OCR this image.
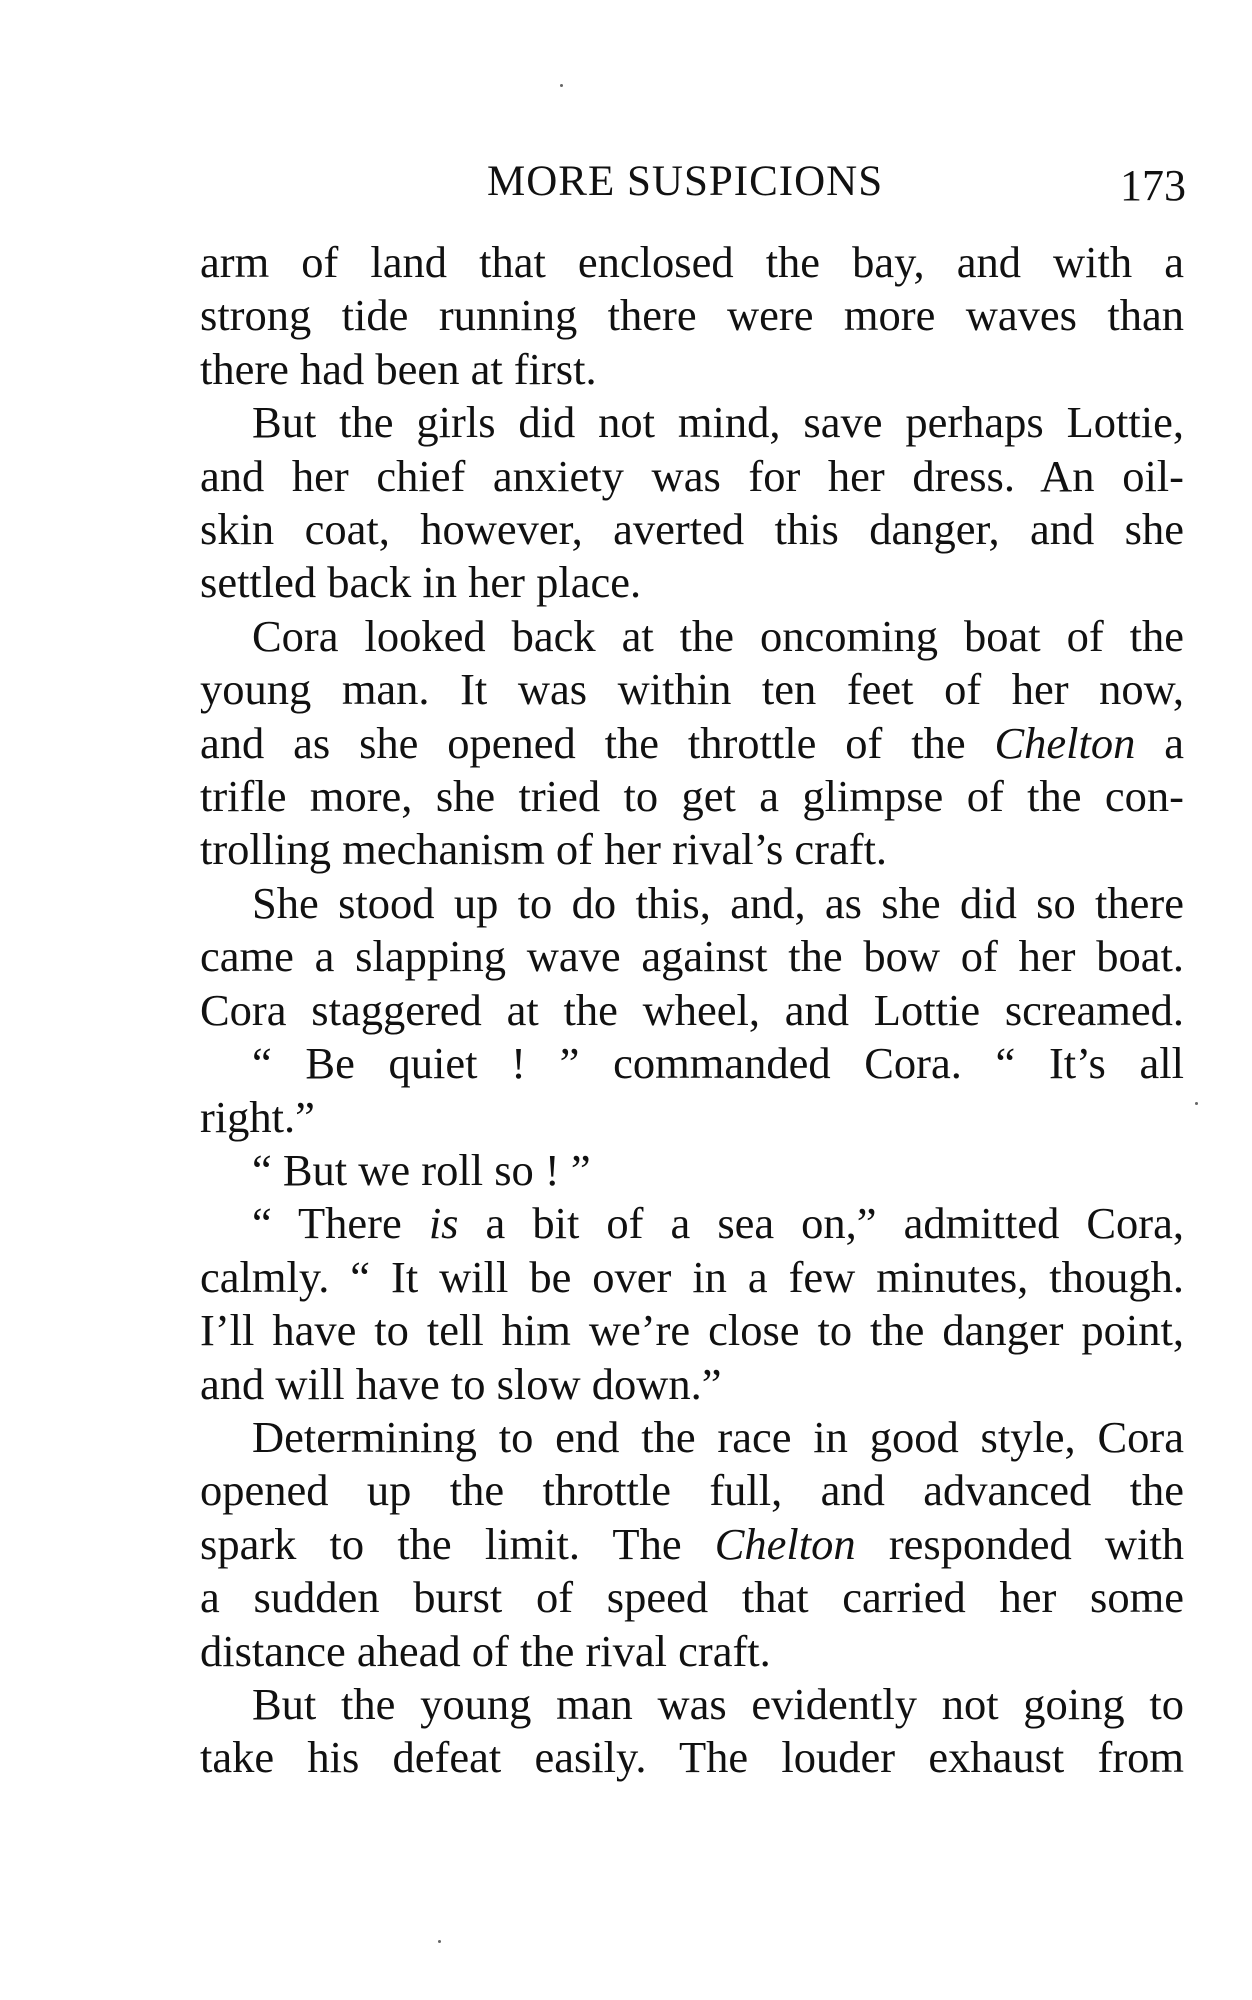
MORE SUSPICIONS	173
arm of land that enclosed the bay, and with a
strong tide running there were more waves than
there had been at first.
But the girls did not mind, save perhaps Lottie,
and her chief anxiety was for her dress. An oil-
skin coat, however, averted this danger, and she
settled back in her place.
Cora looked back at the oncoming boat of the
young man. It was within ten feet of her now,
and as she opened the throttle of the Chelton a
trifle more, she tried to get a glimpse of the con-
trolling mechanism of her rival’s craft.
She stood up to do this, and, as she did so there
came a slapping wave against the bow of her boat.
Cora staggered at the wheel, and Lottie screamed.
“ Be quiet ! ” commanded Cora. “ It’s all
right.”
“ But we roll so ! ”
“ There is a bit of a sea on,” admitted Cora,
calmly. “ It will be over in a few minutes, though.
I’ll have to tell him we’re close to the danger point,
and will have to slow down.”
Determining to end the race in good style, Cora
opened up the throttle full, and advanced the
spark to the limit. The Chelton responded with
a sudden burst of speed that carried her some
distance ahead of the rival craft.
But the young man was evidently not going to
take his defeat easily. The louder exhaust from
